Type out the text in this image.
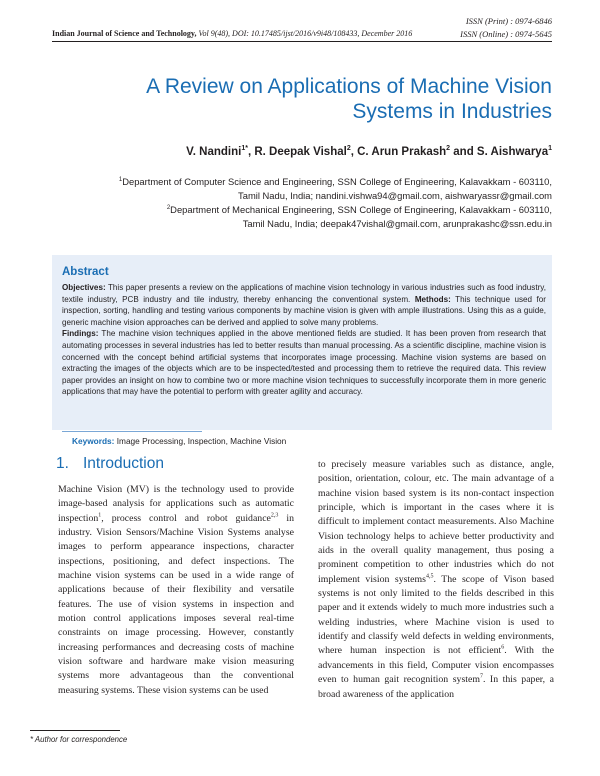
ISSN (Print) : 0974-6846
ISSN (Online) : 0974-5645
Indian Journal of Science and Technology, Vol 9(48), DOI: 10.17485/ijst/2016/v9i48/108433, December 2016
A Review on Applications of Machine Vision Systems in Industries
V. Nandini$^{1*}$, R. Deepak Vishal$^2$, C. Arun Prakash$^2$ and S. Aishwarya$^1$
$^1$Department of Computer Science and Engineering, SSN College of Engineering, Kalavakkam - 603110,
Tamil Nadu, India; nandini.vishwa94@gmail.com, aishwaryassr@gmail.com
$^2$Department of Mechanical Engineering, SSN College of Engineering, Kalavakkam - 603110,
Tamil Nadu, India; deepak47vishal@gmail.com, arunprakashc@ssn.edu.in
Abstract

Objectives: This paper presents a review on the applications of machine vision technology in various industries such as food industry, textile industry, PCB industry and tile industry, thereby enhancing the conventional system. Methods: This technique used for inspection, sorting, handling and testing various components by machine vision is given with ample illustrations. Using this as a guide, generic machine vision approaches can be derived and applied to solve many problems.

Findings: The machine vision techniques applied in the above mentioned fields are studied. It has been proven from research that automating processes in several industries has led to better results than manual processing. As a scientific discipline, machine vision is concerned with the concept behind artificial systems that incorporates image processing. Machine vision systems are based on extracting the images of the objects which are to be inspected/tested and processing them to retrieve the required data. This review paper provides an insight on how to combine two or more machine vision techniques to successfully incorporate them in more generic applications that may have the potential to perform with greater agility and accuracy.

Keywords: Image Processing, Inspection, Machine Vision
1. Introduction

Machine Vision (MV) is the technology used to provide image-based analysis for applications such as automatic inspection$^1$, process control and robot guidance$^{2,3}$ in industry. Vision Sensors/Machine Vision Systems analyse images to perform appearance inspections, character inspections, positioning, and defect inspections. The machine vision systems can be used in a wide range of applications because of their flexibility and versatile features. The use of vision systems in inspection and motion control applications imposes several real-time constraints on image processing. However, constantly increasing performances and decreasing costs of machine vision software and hardware make vision measuring systems more advantageous than the conventional measuring systems. These vision systems can be used

to precisely measure variables such as distance, angle, position, orientation, colour, etc. The main advantage of a machine vision based system is its non-contact inspection principle, which is important in the cases where it is difficult to implement contact measurements. Also Machine Vision technology helps to achieve better productivity and aids in the overall quality management, thus posing a prominent competition to other industries which do not implement vision systems$^{4,5}$. The scope of Vison based systems is not only limited to the fields described in this paper and it extends widely to much more industries such a welding industries, where Machine vision is used to identify and classify weld defects in welding environments, where human inspection is not efficient$^6$. With the advancements in this field, Computer vision encompasses even to human gait recognition system$^7$. In this paper, a broad awareness of the application

* Author for correspondence
